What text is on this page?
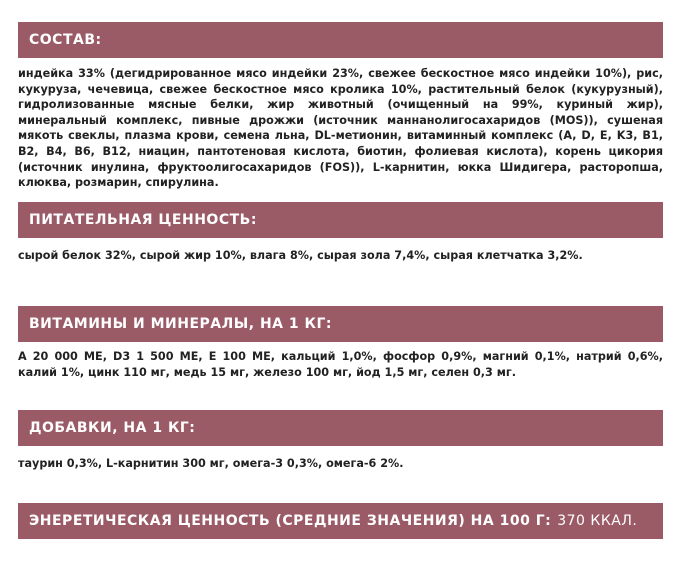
СОСТАВ:

индейка 33% (дегидрированное мясо индейки 23%, свежее бескостное мясо индейки 10%), рис, кукуруза, чечевица, свежее бескостное мясо кролика 10%, растительный белок (кукурузный), гидролизованные мясные белки, жир животный (очищенный на 99%, куриный жир), минеральный комплекс, пивные дрожжи (источник маннанолигосахаридов (MOS)), сушеная мякоть свеклы, плазма крови, семена льна, DL-метионин, витаминный комплекс (A, D, E, K3, B1, B2, B4, B6, B12, ниацин, пантотеновая кислота, биотин, фолиевая кислота), корень цикория (источник инулина, фруктоолигосахаридов (FOS)), L-карнитин, юкка Шидигера, расторопша, клюква, розмарин, спирулина.

ПИТАТЕЛЬНАЯ ЦЕННОСТЬ:

сырой белок 32%, сырой жир 10%, влага 8%, сырая зола 7,4%, сырая клетчатка 3,2%.

ВИТАМИНЫ И МИНЕРАЛЫ, НА 1 КГ:

A 20 000 ME, D3 1 500 ME, E 100 ME, кальций 1,0%, фосфор 0,9%, магний 0,1%, натрий 0,6%, калий 1%, цинк 110 мг, медь 15 мг, железо 100 мг, йод 1,5 мг, селен 0,3 мг.

ДОБАВКИ, НА 1 КГ:

таурин 0,3%, L-карнитин 300 мг, омега-3 0,3%, омега-6 2%.

ЭНЕРЕТИЧЕСКАЯ ЦЕННОСТЬ (СРЕДНИЕ ЗНАЧЕНИЯ) НА 100 Г: 370 ККАЛ.
